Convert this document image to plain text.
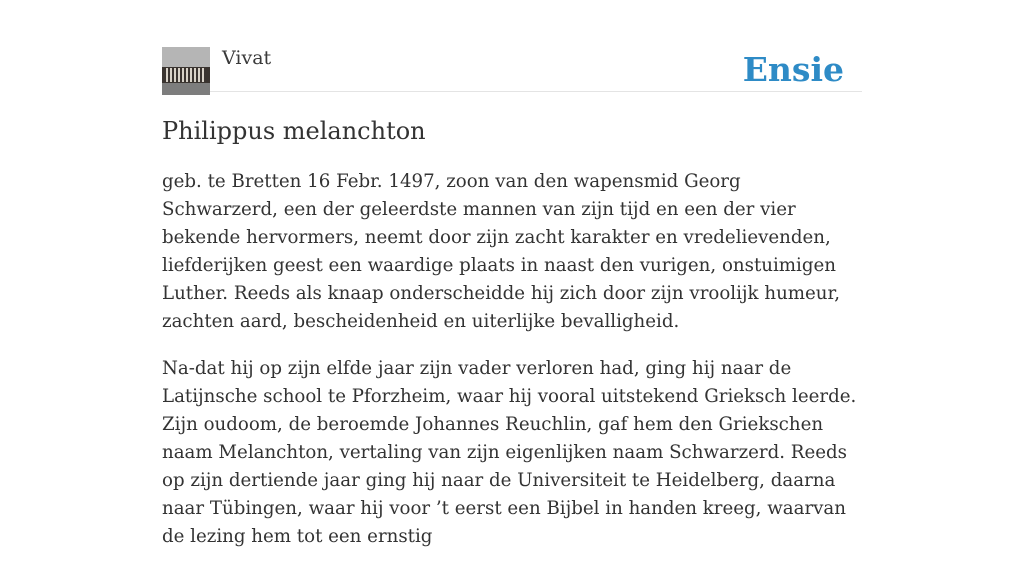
Vivat	Ensie
Philippus melanchton

geb. te Bretten 16 Febr. 1497, zoon van den wapensmid Georg Schwarzerd, een der geleerdste mannen van zijn tijd en een der vier bekende hervormers, neemt door zijn zacht karakter en vredelievenden, liefderijken geest een waardige plaats in naast den vurigen, onstuimigen Luther. Reeds als knaap onderscheidde hij zich door zijn vroolijk humeur, zachten aard, bescheidenheid en uiterlijke bevalligheid.

Na-dat hij op zijn elfde jaar zijn vader verloren had, ging hij naar de Latijnsche school te Pforzheim, waar hij vooral uitstekend Grieksch leerde. Zijn oudoom, de beroemde Johannes Reuchlin, gaf hem den Griekschen naam Melanchton, vertaling van zijn eigenlijken naam Schwarzerd. Reeds op zijn dertiende jaar ging hij naar de Universiteit te Heidelberg, daarna naar Tübingen, waar hij voor ’t eerst een Bijbel in handen kreeg, waarvan de lezing hem tot een ernstig
